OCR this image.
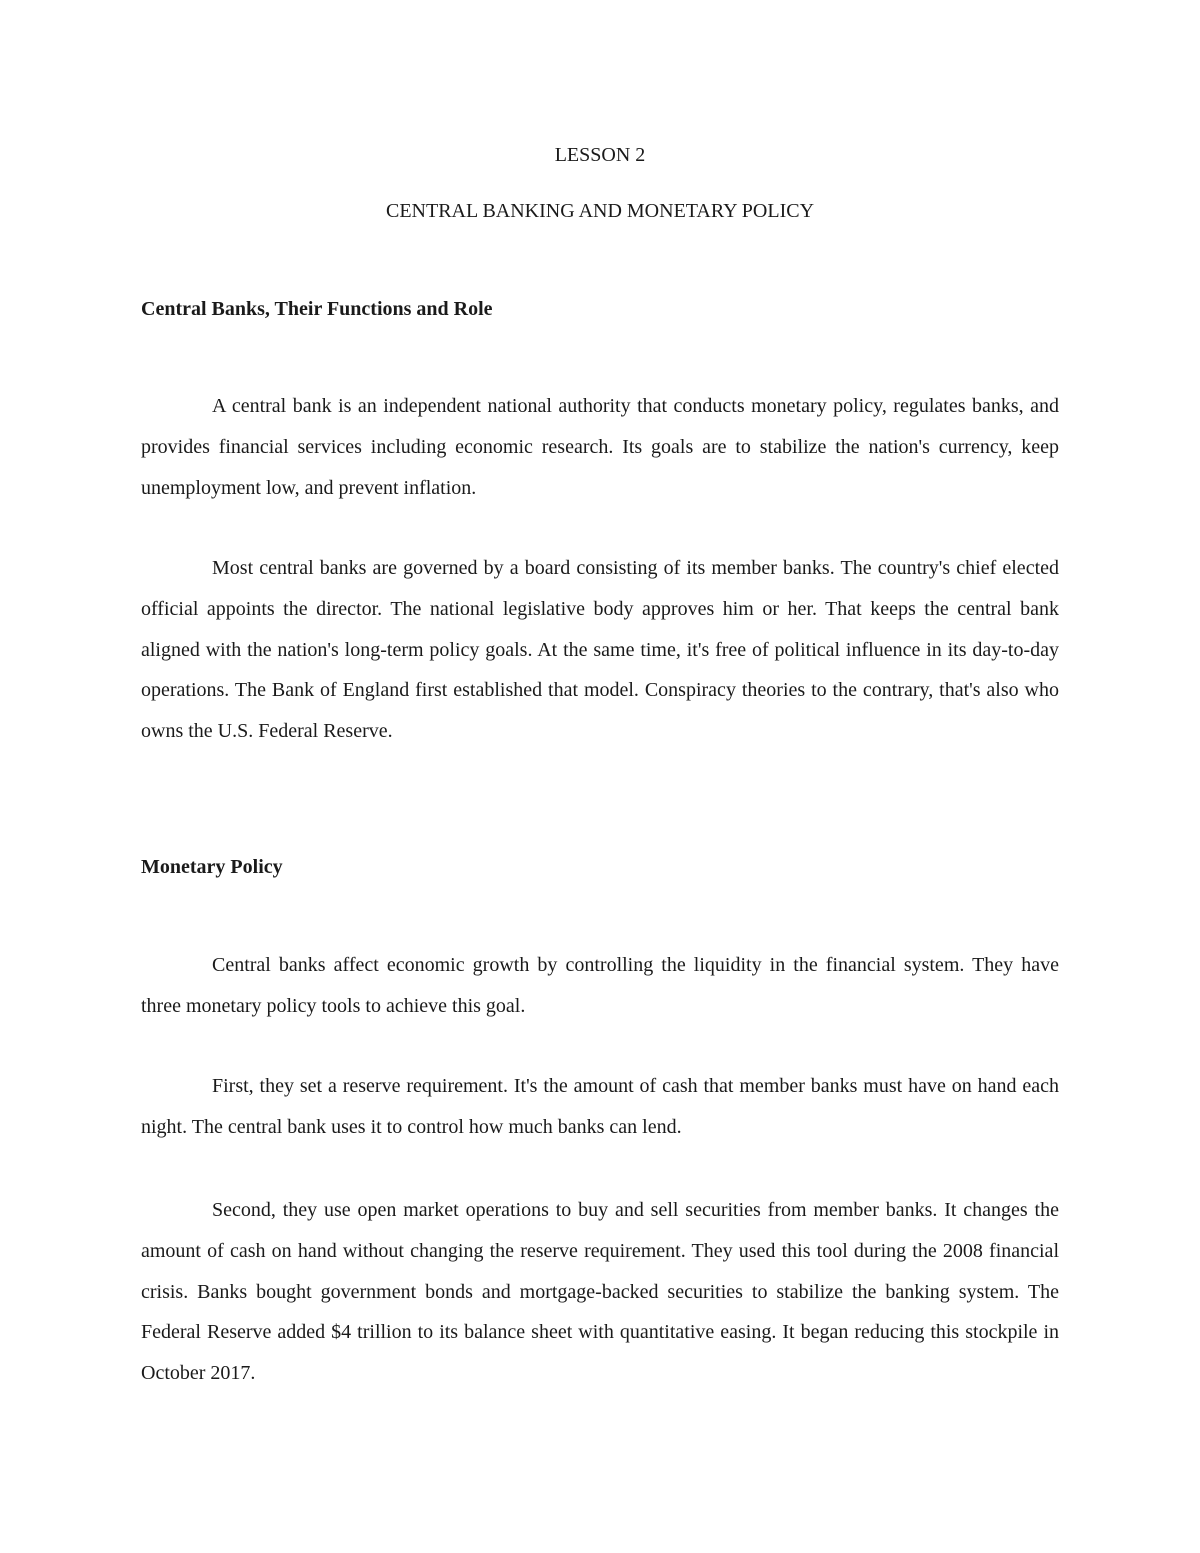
LESSON 2
CENTRAL BANKING AND MONETARY POLICY
Central Banks, Their Functions and Role

A central bank is an independent national authority that conducts monetary policy, regulates banks, and provides financial services including economic research. Its goals are to stabilize the nation's currency, keep unemployment low, and prevent inflation.

Most central banks are governed by a board consisting of its member banks. The country's chief elected official appoints the director. The national legislative body approves him or her. That keeps the central bank aligned with the nation's long-term policy goals. At the same time, it's free of political influence in its day-to-day operations. The Bank of England first established that model. Conspiracy theories to the contrary, that's also who owns the U.S. Federal Reserve.

Monetary Policy

Central banks affect economic growth by controlling the liquidity in the financial system. They have three monetary policy tools to achieve this goal.

First, they set a reserve requirement. It's the amount of cash that member banks must have on hand each night. The central bank uses it to control how much banks can lend.

Second, they use open market operations to buy and sell securities from member banks. It changes the amount of cash on hand without changing the reserve requirement. They used this tool during the 2008 financial crisis. Banks bought government bonds and mortgage-backed securities to stabilize the banking system. The Federal Reserve added $4 trillion to its balance sheet with quantitative easing. It began reducing this stockpile in October 2017.
